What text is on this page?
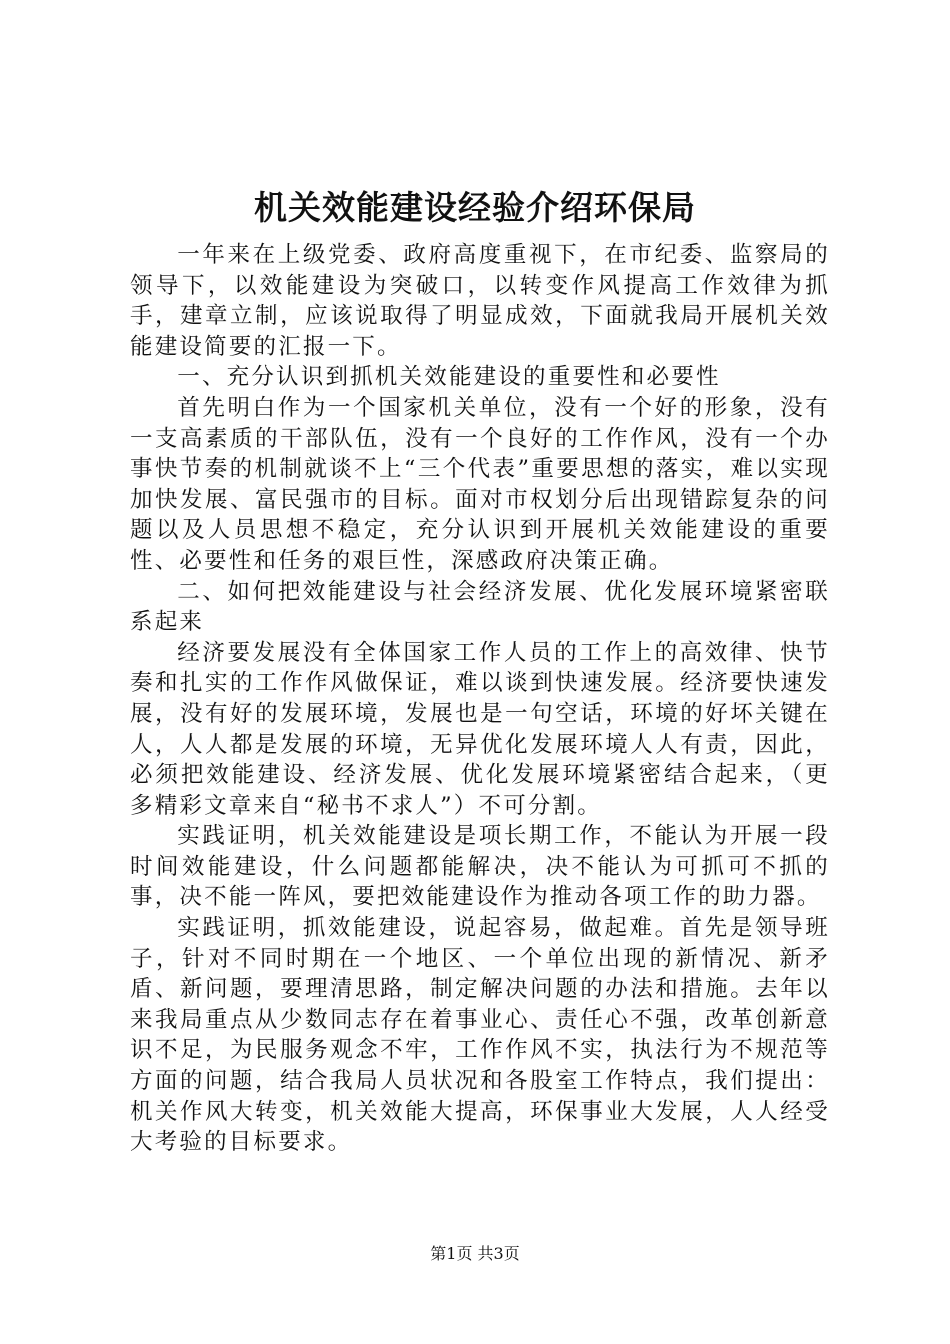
机关效能建设经验介绍环保局

一年来在上级党委、政府高度重视下，在市纪委、监察局的领导下，以效能建设为突破口，以转变作风提高工作效律为抓手，建章立制，应该说取得了明显成效，下面就我局开展机关效能建设简要的汇报一下。

一、充分认识到抓机关效能建设的重要性和必要性

首先明白作为一个国家机关单位，没有一个好的形象，没有一支高素质的干部队伍，没有一个良好的工作作风，没有一个办事快节奏的机制就谈不上“三个代表”重要思想的落实，难以实现加快发展、富民强市的目标。面对市权划分后出现错踪复杂的问题以及人员思想不稳定，充分认识到开展机关效能建设的重要性、必要性和任务的艰巨性，深感政府决策正确。

二、如何把效能建设与社会经济发展、优化发展环境紧密联系起来

经济要发展没有全体国家工作人员的工作上的高效律、快节奏和扎实的工作作风做保证，难以谈到快速发展。经济要快速发展，没有好的发展环境，发展也是一句空话，环境的好坏关键在人，人人都是发展的环境，无异优化发展环境人人有责，因此，必须把效能建设、经济发展、优化发展环境紧密结合起来，（更多精彩文章来自“秘书不求人”）不可分割。

实践证明，机关效能建设是项长期工作，不能认为开展一段时间效能建设，什么问题都能解决，决不能认为可抓可不抓的事，决不能一阵风，要把效能建设作为推动各项工作的助力器。

实践证明，抓效能建设，说起容易，做起难。首先是领导班子，针对不同时期在一个地区、一个单位出现的新情况、新矛盾、新问题，要理清思路，制定解决问题的办法和措施。去年以来我局重点从少数同志存在着事业心、责任心不强，改革创新意识不足，为民服务观念不牢，工作作风不实，执法行为不规范等方面的问题，结合我局人员状况和各股室工作特点，我们提出：机关作风大转变，机关效能大提高，环保事业大发展，人人经受大考验的目标要求。

第1页 共3页
